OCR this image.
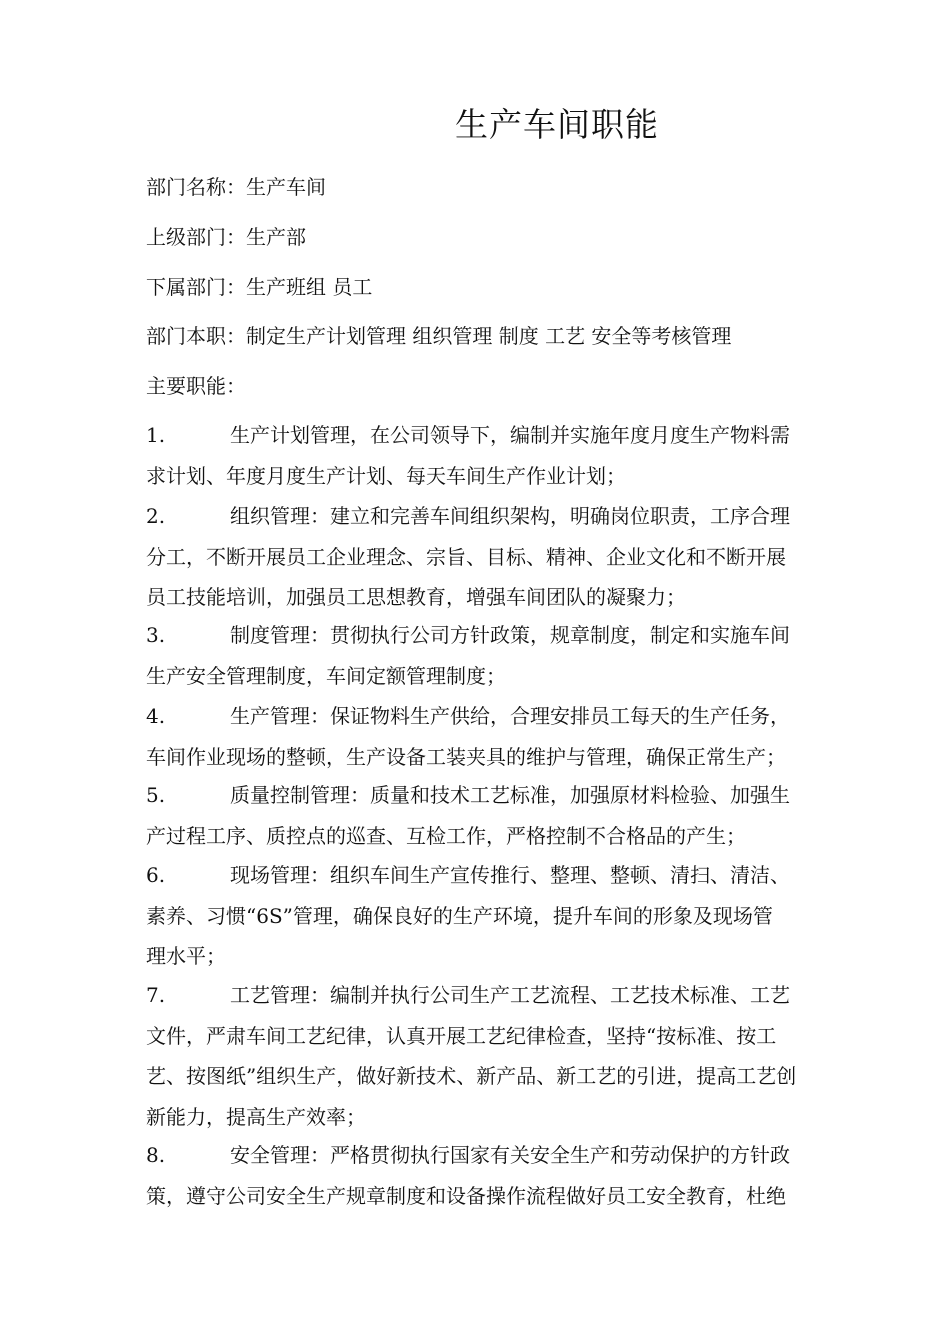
生产车间职能
部门名称：生产车间
上级部门：生产部
下属部门：生产班组 员工
部门本职：制定生产计划管理 组织管理 制度 工艺 安全等考核管理
主要职能：
1.	生产计划管理，在公司领导下，编制并实施年度月度生产物料需
求计划、年度月度生产计划、每天车间生产作业计划；
2.	组织管理：建立和完善车间组织架构，明确岗位职责，工序合理
分工，不断开展员工企业理念、宗旨、目标、精神、企业文化和不断开展
员工技能培训，加强员工思想教育，增强车间团队的凝聚力；
3.	制度管理：贯彻执行公司方针政策，规章制度，制定和实施车间
生产安全管理制度，车间定额管理制度；
4.	生产管理：保证物料生产供给，合理安排员工每天的生产任务，
车间作业现场的整顿，生产设备工装夹具的维护与管理，确保正常生产；
5.	质量控制管理：质量和技术工艺标准，加强原材料检验、加强生
产过程工序、质控点的巡查、互检工作，严格控制不合格品的产生；
6.	现场管理：组织车间生产宣传推行、整理、整顿、清扫、清洁、
素养、习惯“6S”管理，确保良好的生产环境，提升车间的形象及现场管
理水平；
7.	工艺管理：编制并执行公司生产工艺流程、工艺技术标准、工艺
文件，严肃车间工艺纪律，认真开展工艺纪律检查，坚持“按标准、按工
艺、按图纸”组织生产，做好新技术、新产品、新工艺的引进，提高工艺创
新能力，提高生产效率；
8.	安全管理：严格贯彻执行国家有关安全生产和劳动保护的方针政
策，遵守公司安全生产规章制度和设备操作流程做好员工安全教育，杜绝
